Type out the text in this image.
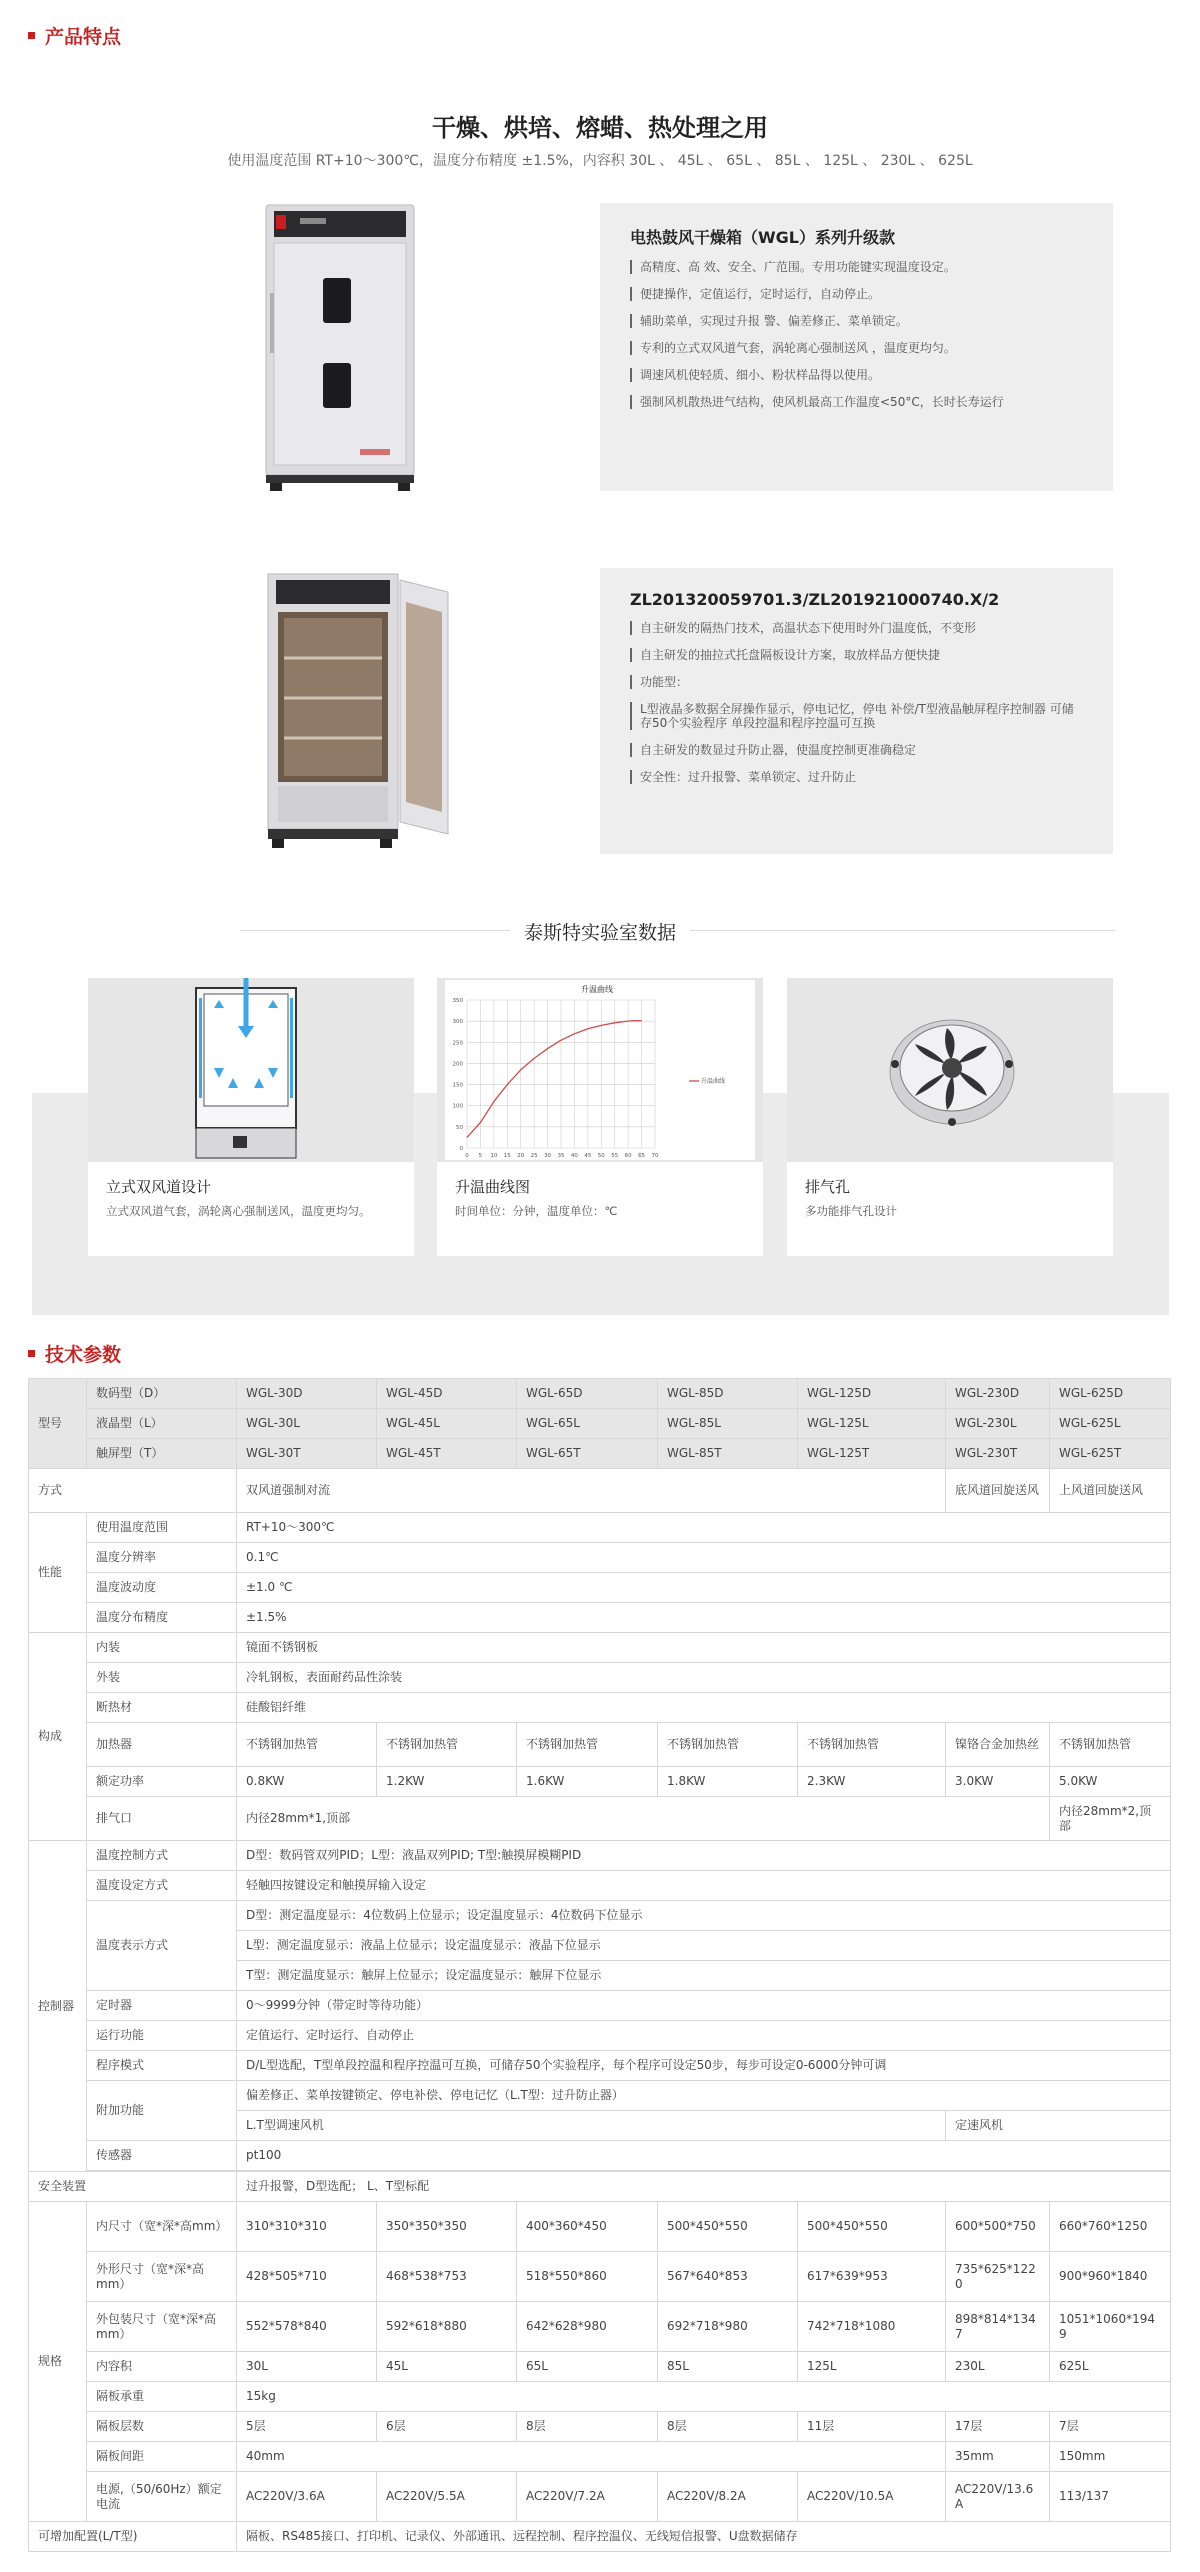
产品特点
干燥、烘培、熔蜡、热处理之用
使用温度范围 RT+10～300℃，温度分布精度 ±1.5%，内容积 30L 、 45L 、 65L 、 85L 、 125L 、 230L 、 625L
电热鼓风干燥箱（WGL）系列升级款
高精度、高 效、安全、广范围。专用功能键实现温度设定。
便捷操作，定值运行，定时运行，自动停止。
辅助菜单，实现过升报 警、偏差修正、菜单锁定。
专利的立式双风道气套，涡轮离心强制送风 ，温度更均匀。
调速风机使轻质、细小、粉状样品得以使用。
强制风机散热进气结构，使风机最高工作温度<50°C，长时长寿运行
ZL201320059701.3/ZL201921000740.X/2
自主研发的隔热门技术，高温状态下使用时外门温度低，不变形
自主研发的抽拉式托盘隔板设计方案，取放样品方便快捷
功能型：
L型液晶多数据全屏操作显示，停电记忆，停电 补偿/T型液晶触屏程序控制器 可储存50个实验程序 单段控温和程序控温可互换
自主研发的数显过升防止器，使温度控制更准确稳定
安全性：过升报警、菜单锁定、过升防止
泰斯特实验室数据
立式双风道设计

立式双风道气套，涡轮离心强制送风，温度更均匀。

升温曲线
0 5 10 15 20 25 30 35 40 45 50 55 60 65 70
0
50
100
150
200
250
300
350
升温曲线
升温曲线图

时间单位：分钟，温度单位：℃

排气孔

多功能排气孔设计

技术参数
型号	数码型（D）	WGL-30D	WGL-45D	WGL-65D	WGL-85D	WGL-125D	WGL-230D	WGL-625D
	液晶型（L）	WGL-30L	WGL-45L	WGL-65L	WGL-85L	WGL-125L	WGL-230L	WGL-625L
	触屏型（T）	WGL-30T	WGL-45T	WGL-65T	WGL-85T	WGL-125T	WGL-230T	WGL-625T
方式		双风道强制对流					底风道回旋送风	上风道回旋送风
性能	使用温度范围	RT+10～300℃						
	温度分辨率	0.1℃						
	温度波动度	±1.0 ℃						
	温度分布精度	±1.5%						
构成	内装	镜面不锈钢板						
	外装	冷轧钢板，表面耐药品性涂装						
	断热材	硅酸铝纤维						
	加热器	不锈钢加热管	不锈钢加热管	不锈钢加热管	不锈钢加热管	不锈钢加热管	镍铬合金加热丝	不锈钢加热管
	额定功率	0.8KW	1.2KW	1.6KW	1.8KW	2.3KW	3.0KW	5.0KW
	排气口	内径28mm*1,顶部						内径28mm*2,顶部
控制器	温度控制方式	D型：数码管双列PID；L型：液晶双列PID; T型:触摸屏模糊PID						
	温度设定方式	轻触四按键设定和触摸屏输入设定						
	温度表示方式	D型：测定温度显示：4位数码上位显示；设定温度显示：4位数码下位显示						
		L型：测定温度显示：液晶上位显示；设定温度显示：液晶下位显示						
		T型：测定温度显示：触屏上位显示；设定温度显示：触屏下位显示						
	定时器	0～9999分钟（带定时等待功能）						
	运行功能	定值运行、定时运行、自动停止						
	程序模式	D/L型选配，T型单段控温和程序控温可互换，可储存50个实验程序，每个程序可设定50步，每步可设定0-6000分钟可调						
	附加功能	偏差修正、菜单按键锁定、停电补偿、停电记忆（L.T型：过升防止器）						
		L.T型调速风机					定速风机	
	传感器	pt100						

安全装置		过升报警，D型选配； L、T型标配						
规格	内尺寸（宽*深*高mm）	310*310*310	350*350*350	400*360*450	500*450*550	500*450*550	600*500*750	660*760*1250
	外形尺寸（宽*深*高mm）	428*505*710	468*538*753	518*550*860	567*640*853	617*639*953	735*625*1220	900*960*1840
	外包装尺寸（宽*深*高mm）	552*578*840	592*618*880	642*628*980	692*718*980	742*718*1080	898*814*1347	1051*1060*1949
	内容积	30L	45L	65L	85L	125L	230L	625L
	隔板承重	15kg						
	隔板层数	5层	6层	8层	8层	11层	17层	7层
	隔板间距	40mm					35mm	150mm
	电源,（50/60Hz）额定电流	AC220V/3.6A	AC220V/5.5A	AC220V/7.2A	AC220V/8.2A	AC220V/10.5A	AC220V/13.6A	113/137
可增加配置(L/T型)		隔板、RS485接口、打印机、记录仪、外部通讯、远程控制、程序控温仪、无线短信报警、U盘数据储存						
